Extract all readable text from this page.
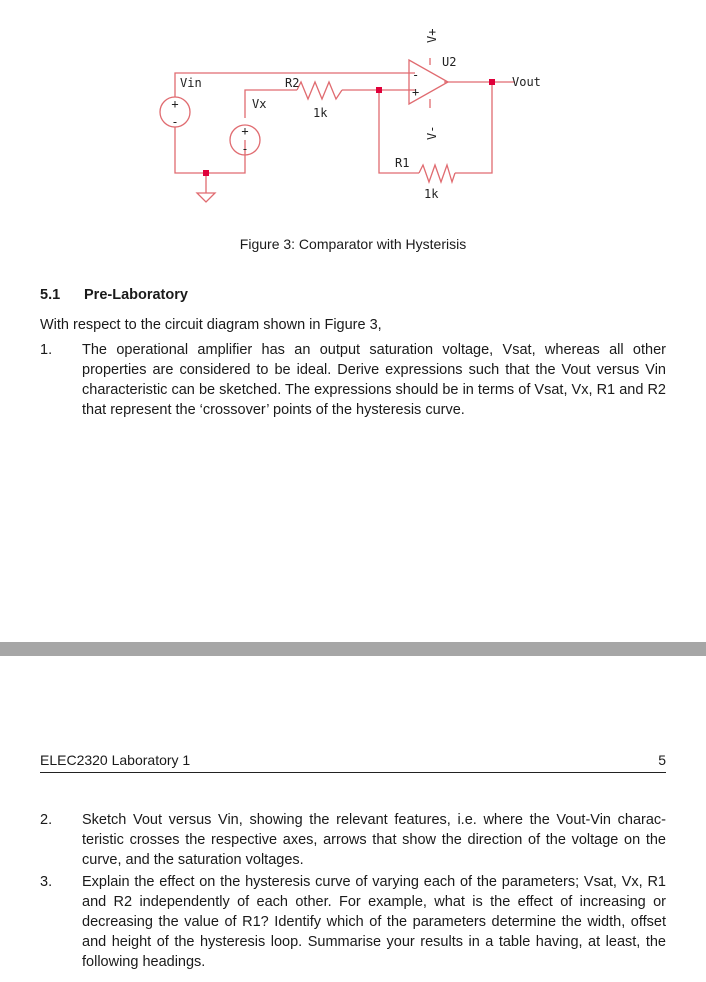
+
-
Vin
+
-
Vx
R2
1k
R1
1k
-
+
U2
V+
V-
Vout
Figure 3: Comparator with Hysterisis
5.1 Pre-Laboratory
With respect to the circuit diagram shown in Figure 3,
1. The operational amplifier has an output saturation voltage, Vsat, whereas all other properties are considered to be ideal. Derive expressions such that the Vout versus Vin characteristic can be sketched. The expressions should be in terms of Vsat, Vx, R1 and R2 that represent the ‘crossover’ points of the hysteresis curve.
ELEC2320 Laboratory 1	5
2. Sketch Vout versus Vin, showing the relevant features, i.e. where the Vout-Vin charac-teristic crosses the respective axes, arrows that show the direction of the voltage on the curve, and the saturation voltages.
3. Explain the effect on the hysteresis curve of varying each of the parameters; Vsat, Vx, R1 and R2 independently of each other. For example, what is the effect of increasing or decreasing the value of R1? Identify which of the parameters determine the width, offset and height of the hysteresis loop. Summarise your results in a table having, at least, the following headings.
